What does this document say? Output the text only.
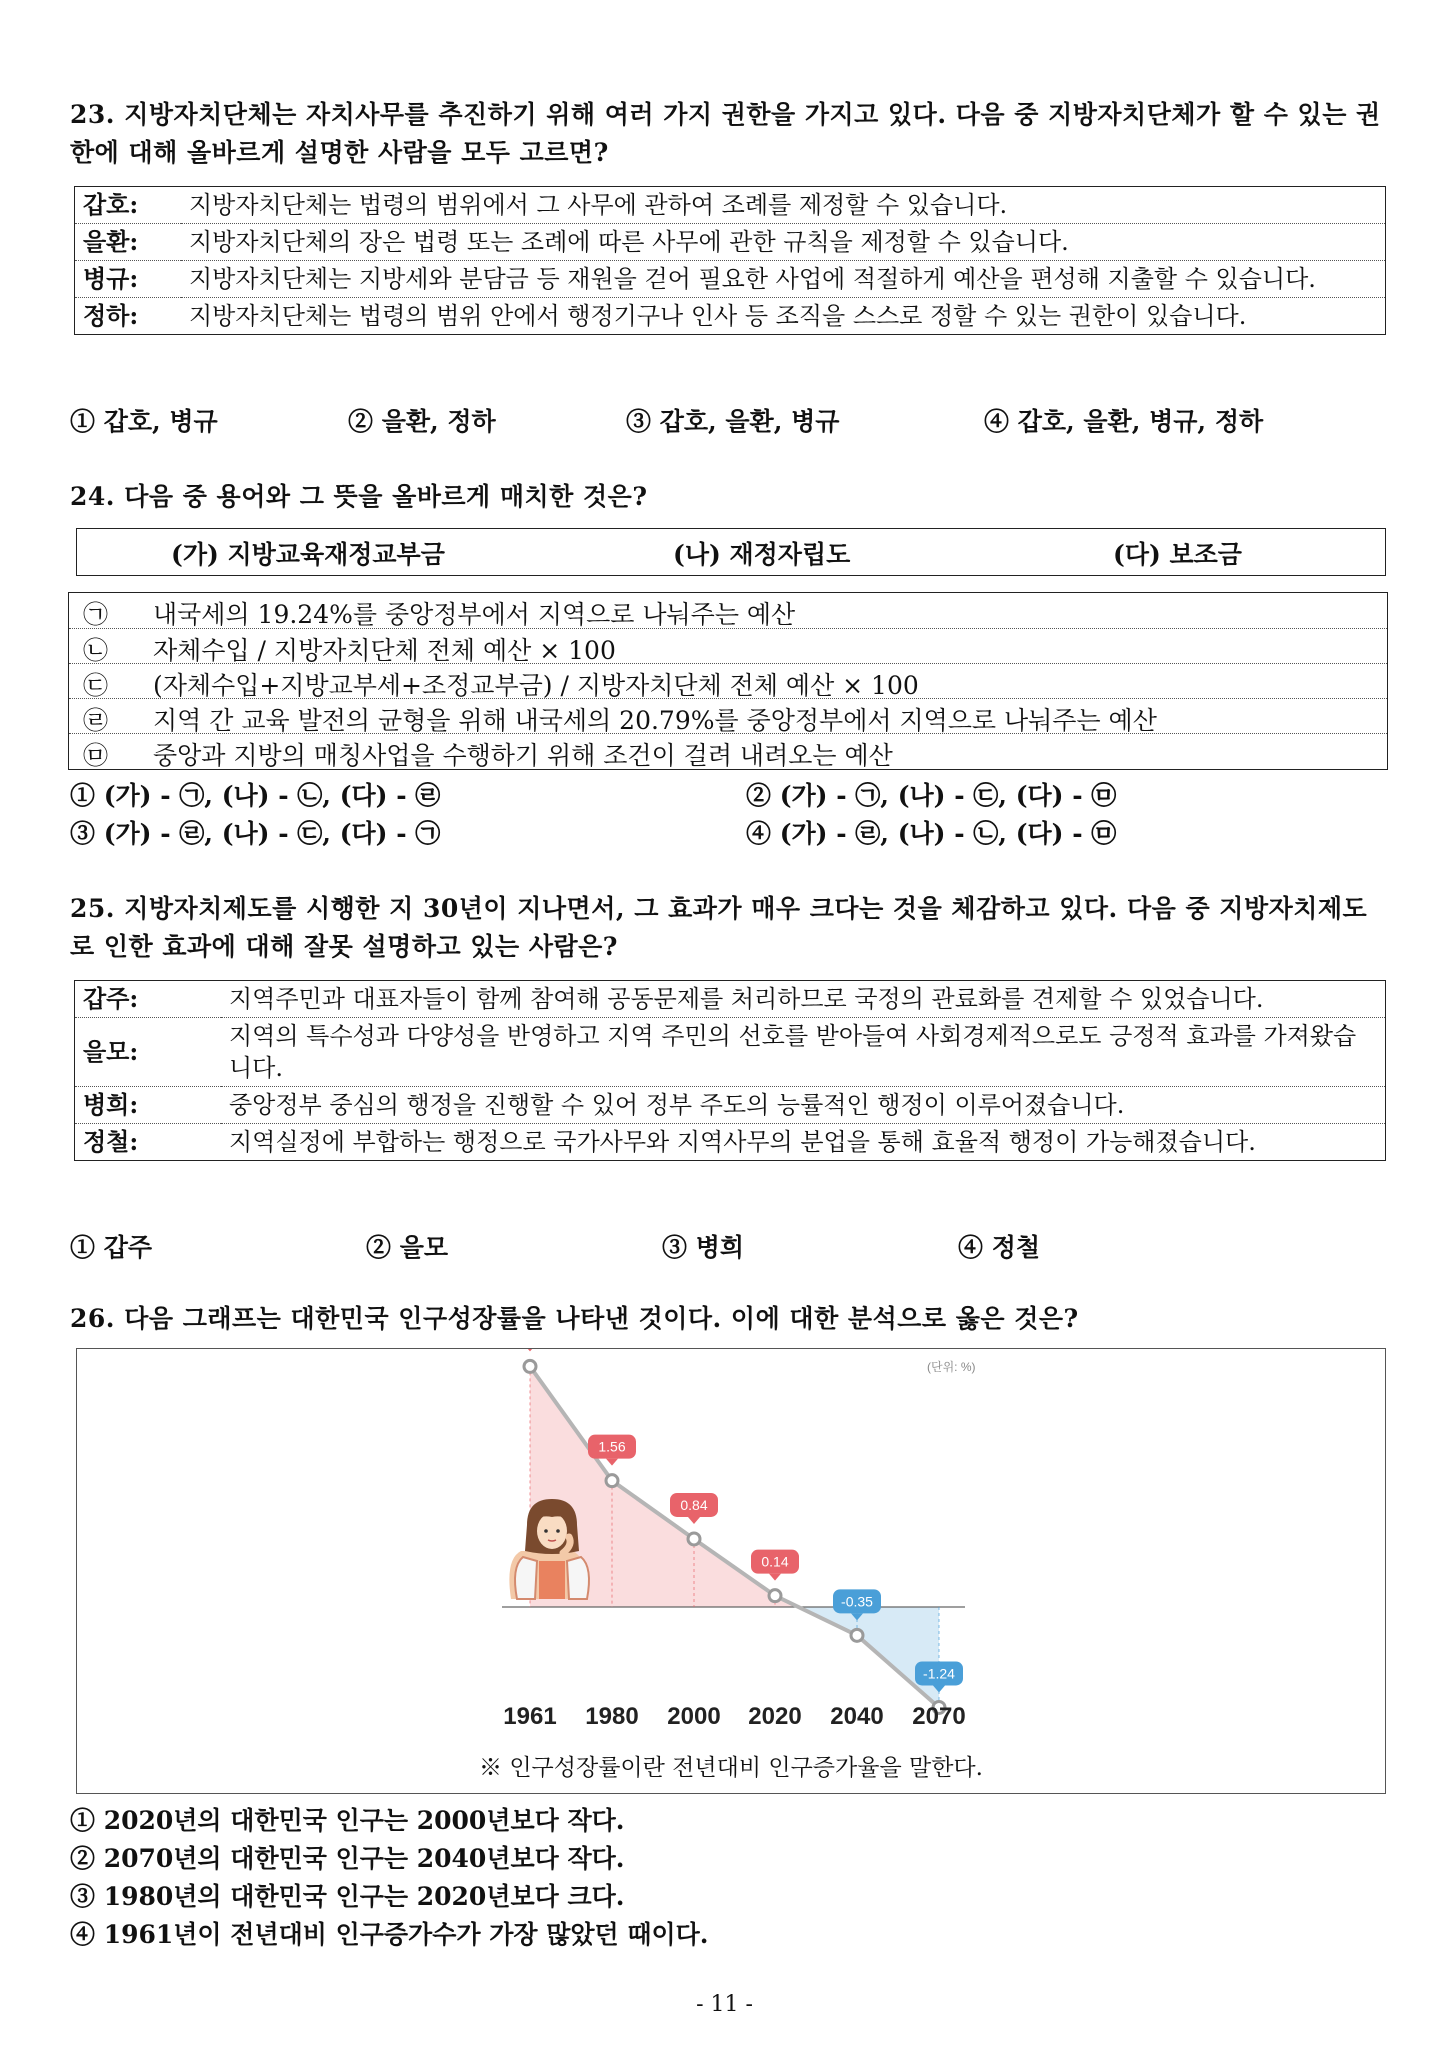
23. 지방자치단체는 자치사무를 추진하기 위해 여러 가지 권한을 가지고 있다. 다음 중 지방자치단체가 할 수 있는 권한에 대해 올바르게 설명한 사람을 모두 고르면?
갑호:	지방자치단체는 법령의 범위에서 그 사무에 관하여 조례를 제정할 수 있습니다.
을환:	지방자치단체의 장은 법령 또는 조례에 따른 사무에 관한 규칙을 제정할 수 있습니다.
병규:	지방자치단체는 지방세와 분담금 등 재원을 걷어 필요한 사업에 적절하게 예산을 편성해 지출할 수 있습니다.
정하:	지방자치단체는 법령의 범위 안에서 행정기구나 인사 등 조직을 스스로 정할 수 있는 권한이 있습니다.
① 갑호, 병규	② 을환, 정하	③ 갑호, 을환, 병규	④ 갑호, 을환, 병규, 정하
24. 다음 중 용어와 그 뜻을 올바르게 매치한 것은?
(가) 지방교육재정교부금	(나) 재정자립도	(다) 보조금
㉠ 내국세의 19.24%를 중앙정부에서 지역으로 나눠주는 예산
㉡ 자체수입 / 지방자치단체 전체 예산 × 100
㉢ (자체수입+지방교부세+조정교부금) / 지방자치단체 전체 예산 × 100
㉣ 지역 간 교육 발전의 균형을 위해 내국세의 20.79%를 중앙정부에서 지역으로 나눠주는 예산
㉤ 중앙과 지방의 매칭사업을 수행하기 위해 조건이 걸려 내려오는 예산
① (가) - ㉠, (나) - ㉡, (다) - ㉣	② (가) - ㉠, (나) - ㉢, (다) - ㉤
③ (가) - ㉣, (나) - ㉢, (다) - ㉠	④ (가) - ㉣, (나) - ㉡, (다) - ㉤
25. 지방자치제도를 시행한 지 30년이 지나면서, 그 효과가 매우 크다는 것을 체감하고 있다. 다음 중 지방자치제도로 인한 효과에 대해 잘못 설명하고 있는 사람은?
갑주:	지역주민과 대표자들이 함께 참여해 공동문제를 처리하므로 국정의 관료화를 견제할 수 있었습니다.
을모:	지역의 특수성과 다양성을 반영하고 지역 주민의 선호를 받아들여 사회경제적으로도 긍정적 효과를 가져왔습니다.
병희:	중앙정부 중심의 행정을 진행할 수 있어 정부 주도의 능률적인 행정이 이루어졌습니다.
정철:	지역실정에 부합하는 행정으로 국가사무와 지역사무의 분업을 통해 효율적 행정이 가능해졌습니다.
① 갑주	② 을모	③ 병희	④ 정철
26. 다음 그래프는 대한민국 인구성장률을 나타낸 것이다. 이에 대한 분석으로 옳은 것은?
(단위: %)
1.56
0.84
0.14
-0.35
-1.24
1961 1980 2000 2020 2040 2070
※ 인구성장률이란 전년대비 인구증가율을 말한다.
① 2020년의 대한민국 인구는 2000년보다 작다.
② 2070년의 대한민국 인구는 2040년보다 작다.
③ 1980년의 대한민국 인구는 2020년보다 크다.
④ 1961년이 전년대비 인구증가수가 가장 많았던 때이다.
- 11 -
